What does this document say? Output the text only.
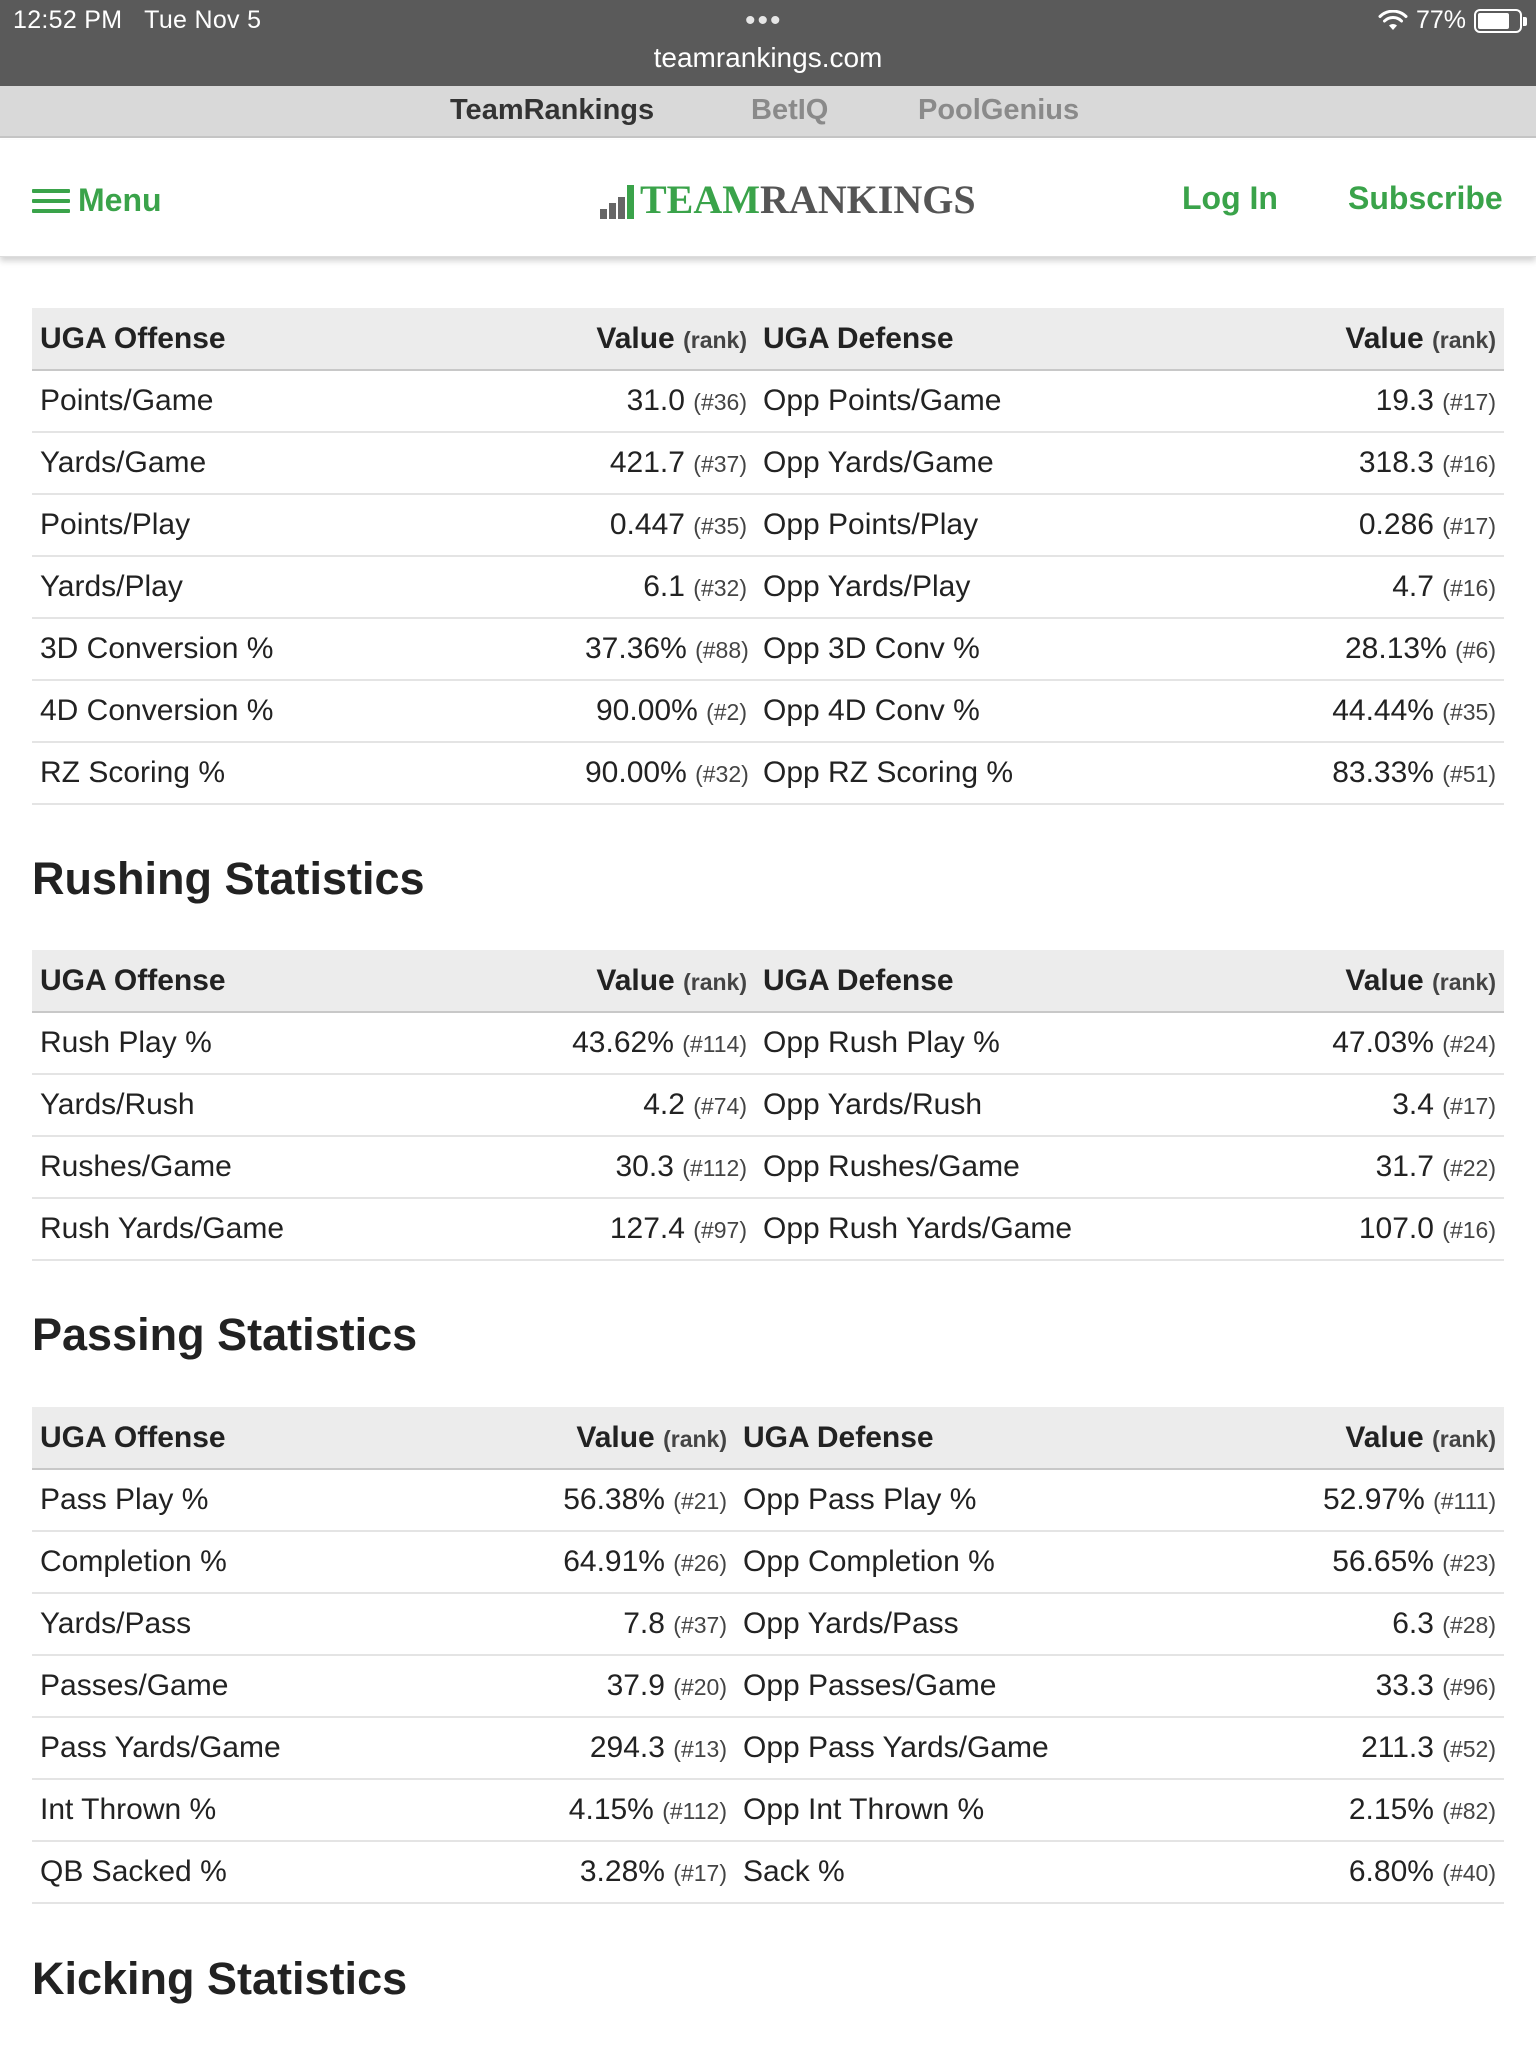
12:52 PM Tue Nov 5	•••	77%
teamrankings.com
TeamRankings	BetIQ	PoolGenius
Menu	TEAMRANKINGS	Log In Subscribe
UGA Offense	Value (rank)	UGA Defense	Value (rank)
Points/Game	31.0 (#36)	Opp Points/Game	19.3 (#17)
Yards/Game	421.7 (#37)	Opp Yards/Game	318.3 (#16)
Points/Play	0.447 (#35)	Opp Points/Play	0.286 (#17)
Yards/Play	6.1 (#32)	Opp Yards/Play	4.7 (#16)
3D Conversion %	37.36% (#88)	Opp 3D Conv %	28.13% (#6)
4D Conversion %	90.00% (#2)	Opp 4D Conv %	44.44% (#35)
RZ Scoring %	90.00% (#32)	Opp RZ Scoring %	83.33% (#51)
Rushing Statistics
UGA Offense	Value (rank)	UGA Defense	Value (rank)
Rush Play %	43.62% (#114)	Opp Rush Play %	47.03% (#24)
Yards/Rush	4.2 (#74)	Opp Yards/Rush	3.4 (#17)
Rushes/Game	30.3 (#112)	Opp Rushes/Game	31.7 (#22)
Rush Yards/Game	127.4 (#97)	Opp Rush Yards/Game	107.0 (#16)
Passing Statistics
UGA Offense	Value (rank)	UGA Defense	Value (rank)
Pass Play %	56.38% (#21)	Opp Pass Play %	52.97% (#111)
Completion %	64.91% (#26)	Opp Completion %	56.65% (#23)
Yards/Pass	7.8 (#37)	Opp Yards/Pass	6.3 (#28)
Passes/Game	37.9 (#20)	Opp Passes/Game	33.3 (#96)
Pass Yards/Game	294.3 (#13)	Opp Pass Yards/Game	211.3 (#52)
Int Thrown %	4.15% (#112)	Opp Int Thrown %	2.15% (#82)
QB Sacked %	3.28% (#17)	Sack %	6.80% (#40)
Kicking Statistics
